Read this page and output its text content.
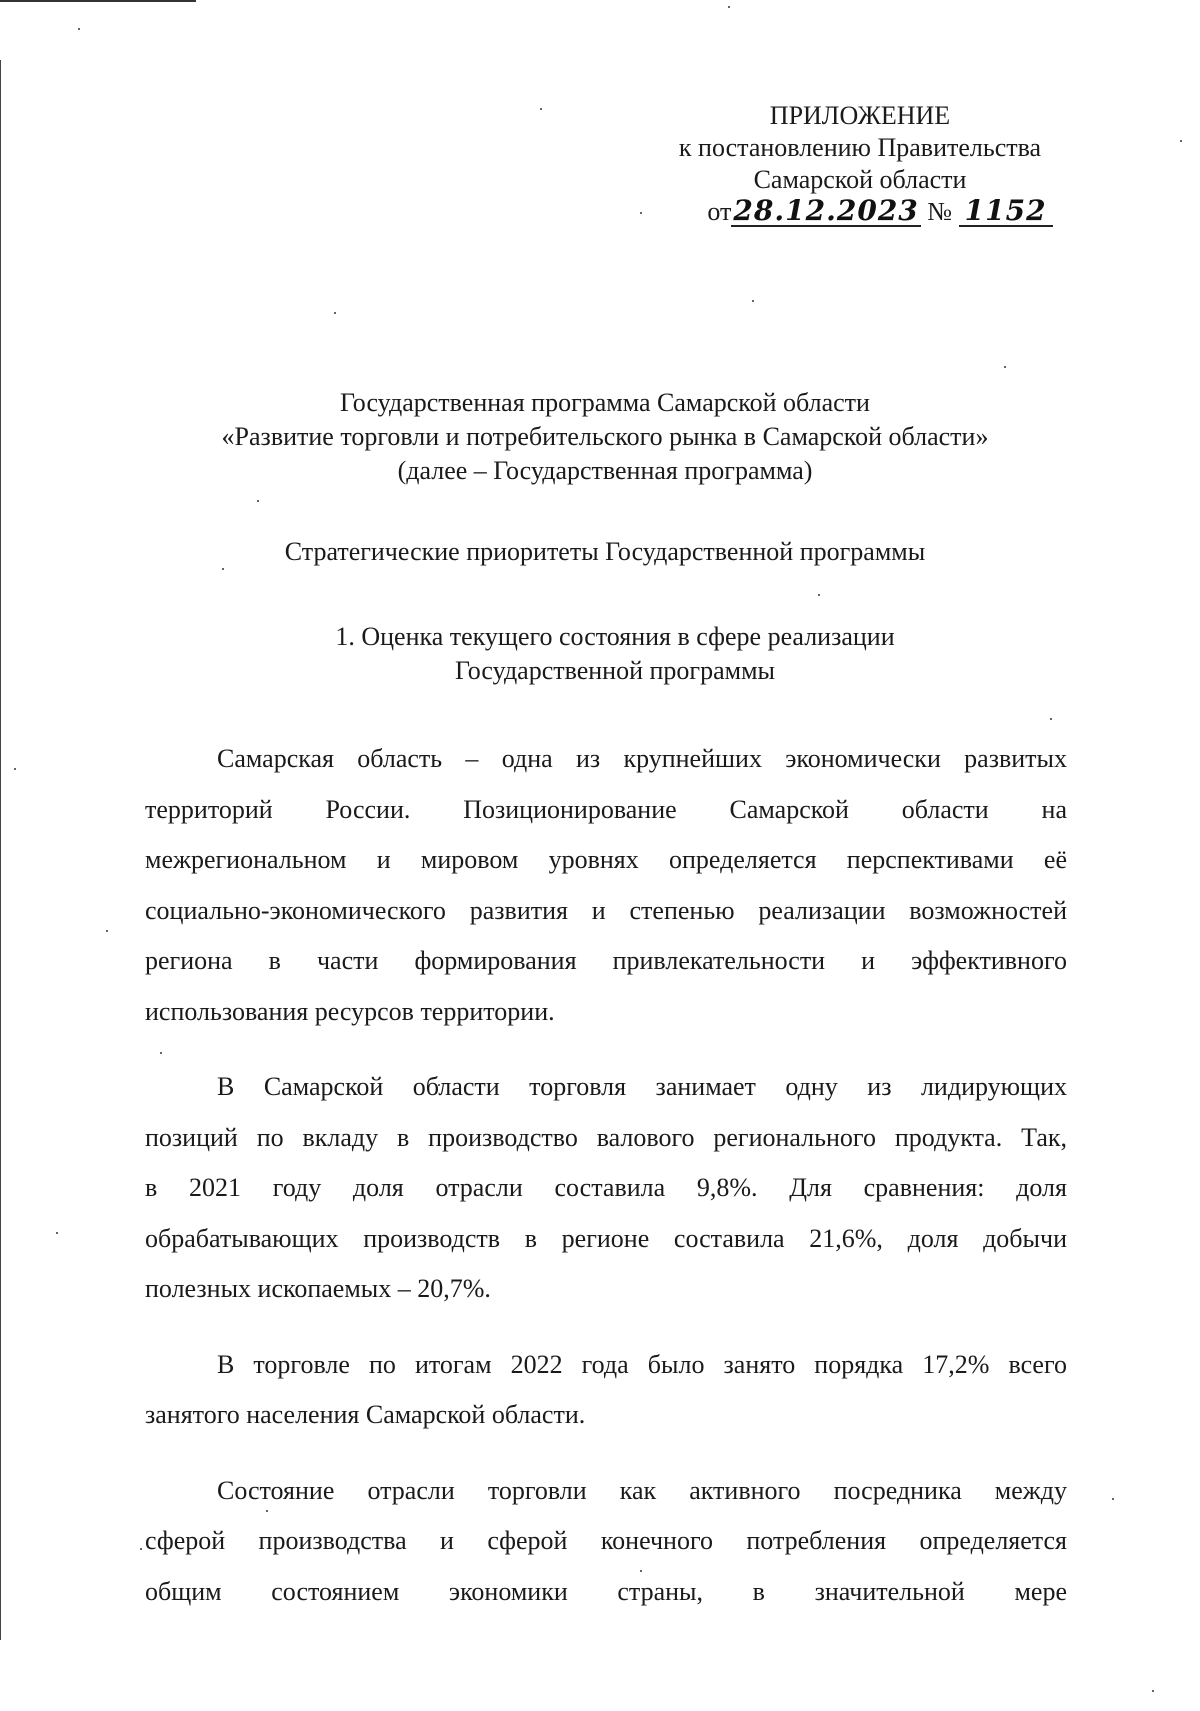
ПРИЛОЖЕНИЕ
к постановлению Правительства
Самарской области
от28.12.2023 № 1152
Государственная программа Самарской области
«Развитие торговли и потребительского рынка в Самарской области»
(далее – Государственная программа)
Стратегические приоритеты Государственной программы
1. Оценка текущего состояния в сфере реализации
Государственной программы
Самарская область – одна из крупнейших экономически развитых
территорий России. Позиционирование Самарской области на
межрегиональном и мировом уровнях определяется перспективами её
социально-экономического развития и степенью реализации возможностей
региона в части формирования привлекательности и эффективного
использования ресурсов территории.
В Самарской области торговля занимает одну из лидирующих
позиций по вкладу в производство валового регионального продукта. Так,
в 2021 году доля отрасли составила 9,8%. Для сравнения: доля
обрабатывающих производств в регионе составила 21,6%, доля добычи
полезных ископаемых – 20,7%.
В торговле по итогам 2022 года было занято порядка 17,2% всего
занятого населения Самарской области.
Состояние отрасли торговли как активного посредника между
сферой производства и сферой конечного потребления определяется
общим состоянием экономики страны, в значительной мере
